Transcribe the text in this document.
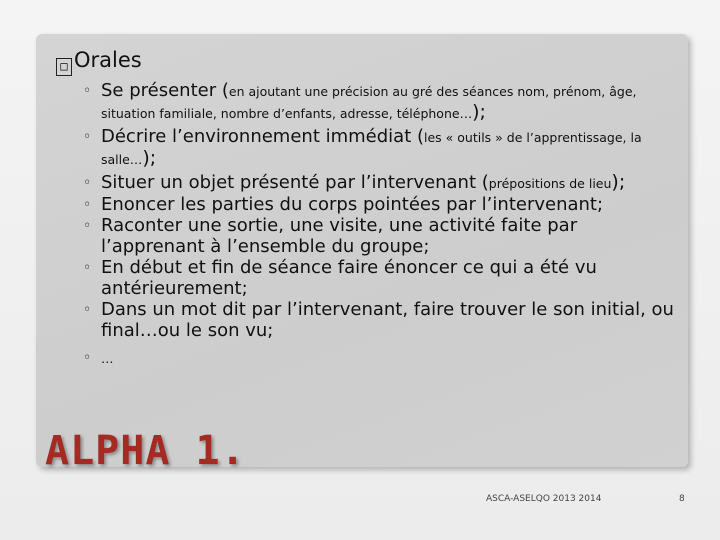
□ Orales
◦ Se présenter (en ajoutant une précision au gré des séances nom, prénom, âge, situation familiale, nombre d’enfants, adresse, téléphone…);
◦ Décrire l’environnement immédiat (les « outils » de l’apprentissage, la salle…);
◦ Situer un objet présenté par l’intervenant (prépositions de lieu);
◦ Enoncer les parties du corps pointées par l’intervenant;
◦ Raconter une sortie, une visite, une activité faite par l’apprenant à l’ensemble du groupe;
◦ En début et fin de séance faire énoncer ce qui a été vu antérieurement;
◦ Dans un mot dit par l’intervenant, faire trouver le son initial, ou final…ou le son vu;
◦ …
ALPHA 1.
ASCA-ASELQO 2013 2014	8
